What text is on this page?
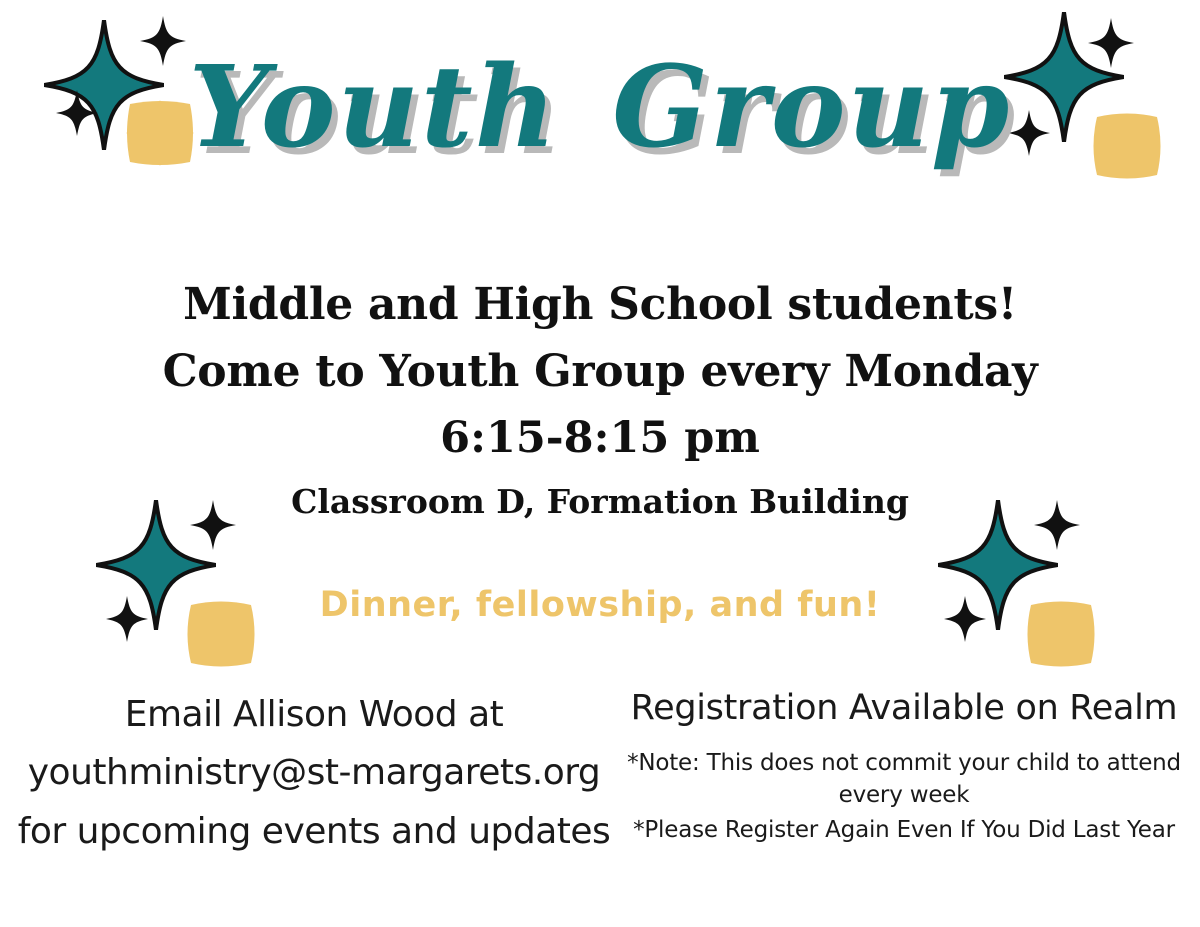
Youth Group
Middle and High School students!
Come to Youth Group every Monday
6:15-8:15 pm
Classroom D, Formation Building
Dinner, fellowship, and fun!
Email Allison Wood at
youthministry@st-margarets.org
for upcoming events and updates
Registration Available on Realm
*Note: This does not commit your child to attend every week
*Please Register Again Even If You Did Last Year
